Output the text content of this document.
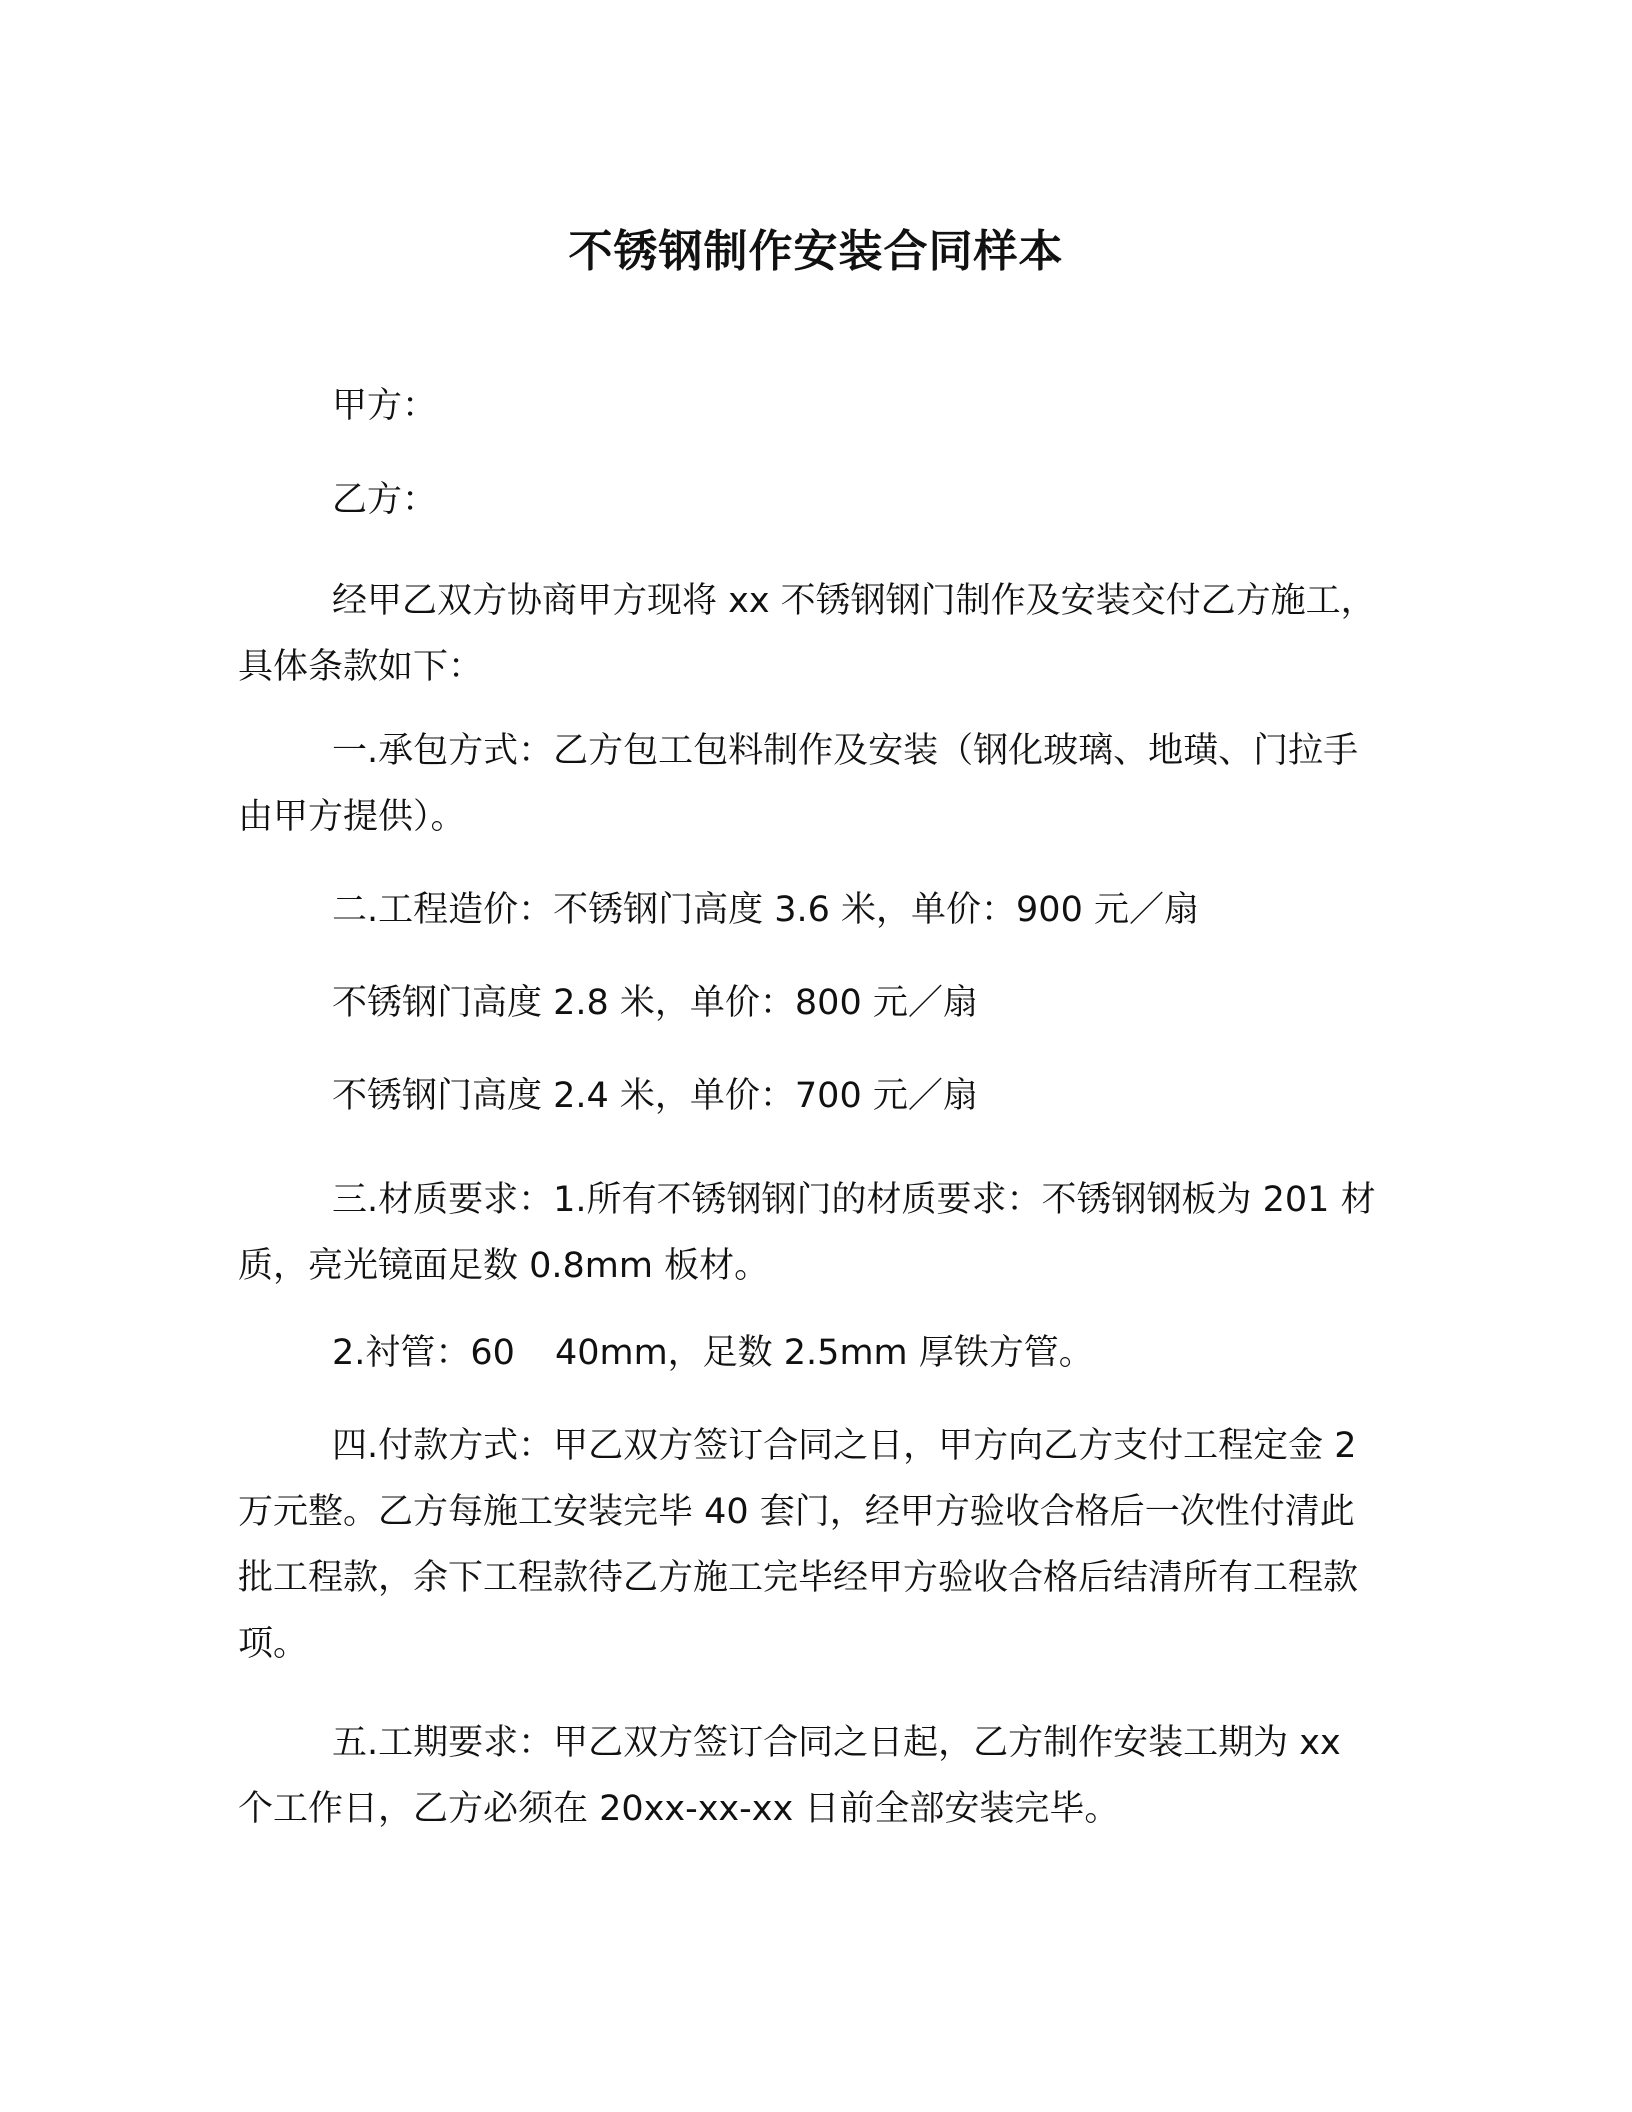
不锈钢制作安装合同样本

甲方：

乙方：

经甲乙双方协商甲方现将 xx 不锈钢钢门制作及安装交付乙方施工，具体条款如下：

一.承包方式：乙方包工包料制作及安装（钢化玻璃、地璜、门拉手由甲方提供）。

二.工程造价：不锈钢门高度 3.6 米，单价：900 元／扇

不锈钢门高度 2.8 米，单价：800 元／扇

不锈钢门高度 2.4 米，单价：700 元／扇

三.材质要求：1.所有不锈钢钢门的材质要求：不锈钢钢板为 201 材质，亮光镜面足数 0.8mm 板材。

2.衬管：60 40mm，足数 2.5mm 厚铁方管。

四.付款方式：甲乙双方签订合同之日，甲方向乙方支付工程定金 2 万元整。乙方每施工安装完毕 40 套门，经甲方验收合格后一次性付清此批工程款，余下工程款待乙方施工完毕经甲方验收合格后结清所有工程款项。

五.工期要求：甲乙双方签订合同之日起，乙方制作安装工期为 xx 个工作日，乙方必须在 20xx-xx-xx 日前全部安装完毕。
